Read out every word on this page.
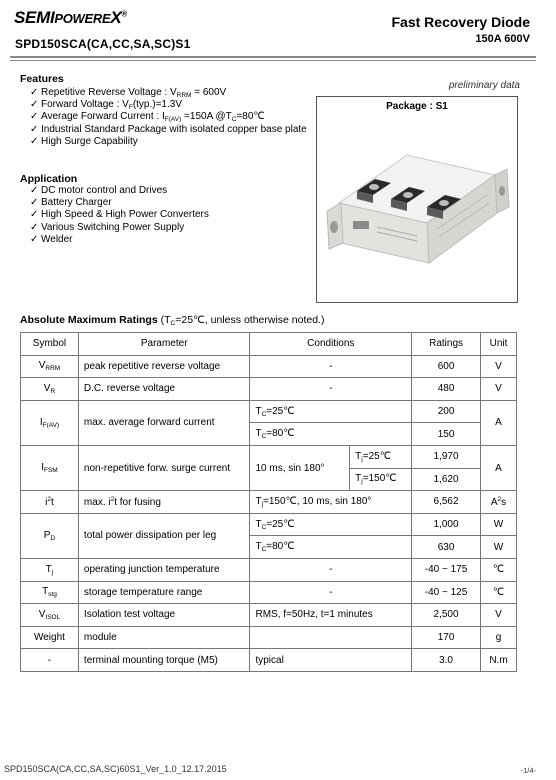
SEMIPOWEREX®
SPD150SCA(CA,CC,SA,SC)S1
Fast Recovery Diode
150A 600V
Features
✓ Repetitive Reverse Voltage : $V_{RRM} = 600V$
✓ Forward Voltage : $V_F(typ.)=1.3V$
✓ Average Forward Current : $I_{F(AV)} =150A$ $@T_C=80℃$
✓ Industrial Standard Package with isolated copper base plate
✓ High Surge Capability
Application
✓ DC motor control and Drives
✓ Battery Charger
✓ High Speed & High Power Converters
✓ Various Switching Power Supply
✓ Welder
preliminary data
Package : S1
Absolute Maximum Ratings ($T_C=25℃$, unless otherwise noted.)
Symbol	Parameter	Conditions		Ratings	Unit
$V_{RRM}$	peak repetitive reverse voltage	-		600	V
$V_R$	D.C. reverse voltage	-		480	V
$I_{F(AV)}$	max. average forward current	$T_C=25℃$		200	A
		$T_C=80℃$		150	
$I_{FSM}$	non-repetitive forw. surge current	10 ms, sin 180°	$T_j=25℃$	1,970	A
			$T_j=150℃$	1,620	
$i^2t$	max. $i^2t$ for fusing	$T_j=150℃$, 10 ms, sin 180°		6,562	$A^2s$
$P_D$	total power dissipation per leg	$T_C=25℃$		1,000	W
		$T_C=80℃$		630	W
$T_j$	operating junction temperature	-		-40 ~ 175	℃
$T_{stg}$	storage temperature range	-		-40 ~ 125	℃
$V_{ISOL}$	Isolation test voltage	RMS, f=50Hz, t=1 minutes		2,500	V
Weight	module			170	g
-	terminal mounting torque (M5)	typical		3.0	N.m
SPD150SCA(CA,CC,SA,SC)60S1_Ver_1.0_12.17.2015	-1/4-
